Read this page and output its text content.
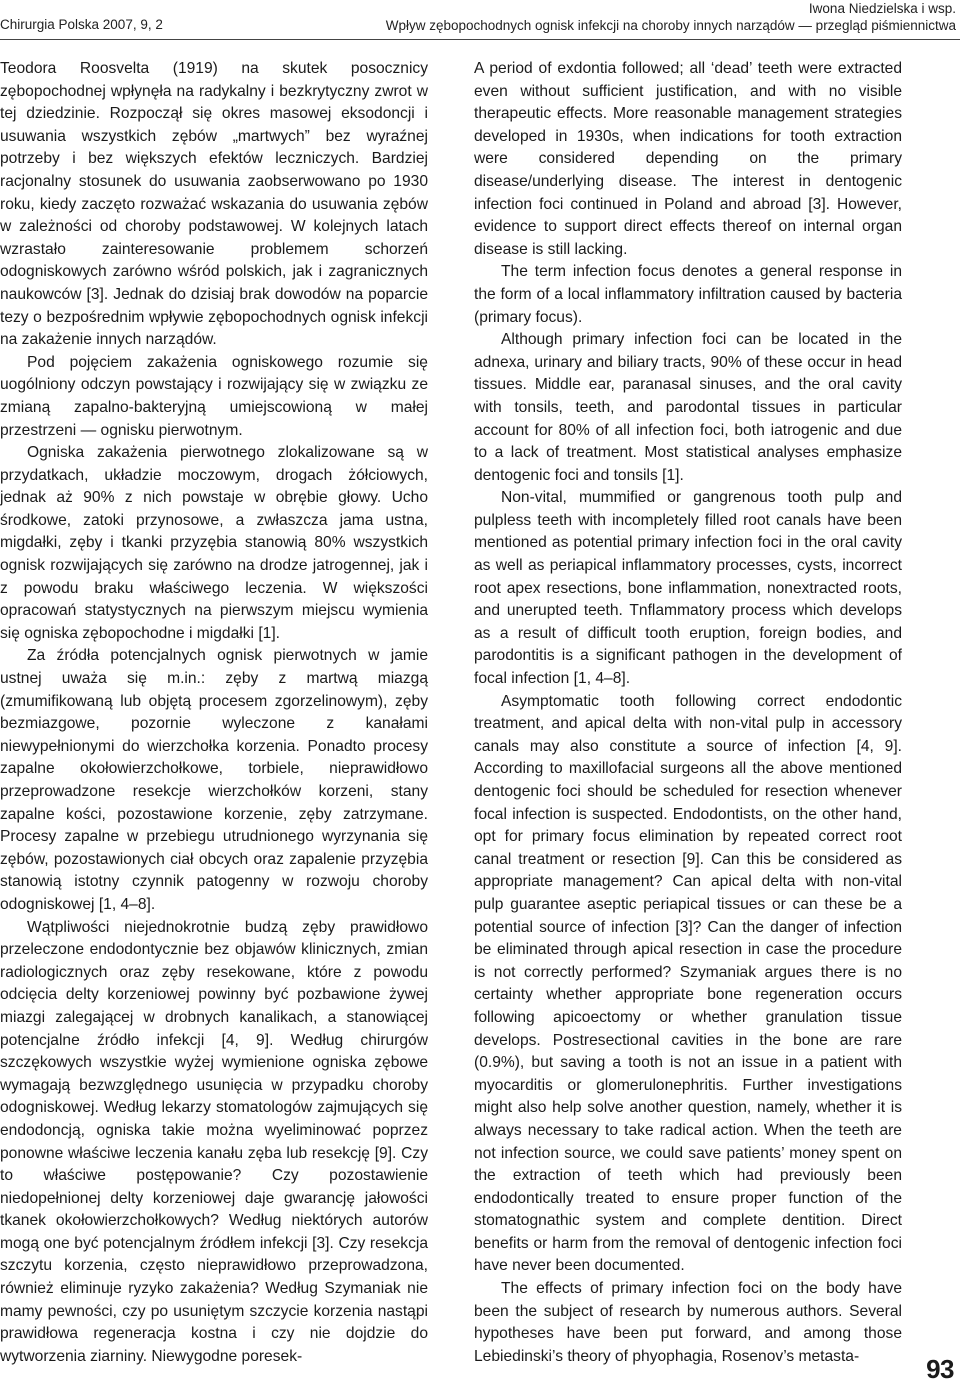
Chirurgia Polska 2007, 9, 2
Iwona Niedzielska i wsp.
Wpływ zębopochodnych ognisk infekcji na choroby innych narządów — przegląd piśmiennictwa

Teodora Roosvelta (1919) na skutek posocznicy zębopochodnej wpłynęła na radykalny i bezkrytyczny zwrot w tej dziedzinie. Rozpoczął się okres masowej eksodoncji i usuwania wszystkich zębów „martwych” bez wyraźnej potrzeby i bez większych efektów leczniczych. Bardziej racjonalny stosunek do usuwania zaobserwowano po 1930 roku, kiedy zaczęto rozważać wskazania do usuwania zębów w zależności od choroby podstawowej. W kolejnych latach wzrastało zainteresowanie problemem schorzeń odogniskowych zarówno wśród polskich, jak i zagranicznych naukowców [3]. Jednak do dzisiaj brak dowodów na poparcie tezy o bezpośrednim wpływie zębopochodnych ognisk infekcji na zakażenie innych narządów.

Pod pojęciem zakażenia ogniskowego rozumie się uogólniony odczyn powstający i rozwijający się w związku ze zmianą zapalno-bakteryjną umiejscowioną w małej przestrzeni — ognisku pierwotnym.

Ogniska zakażenia pierwotnego zlokalizowane są w przydatkach, układzie moczowym, drogach żółciowych, jednak aż 90% z nich powstaje w obrębie głowy. Ucho środkowe, zatoki przynosowe, a zwłaszcza jama ustna, migdałki, zęby i tkanki przyzębia stanowią 80% wszystkich ognisk rozwijających się zarówno na drodze jatrogennej, jak i z powodu braku właściwego leczenia. W większości opracowań statystycznych na pierwszym miejscu wymienia się ogniska zębopochodne i migdałki [1].

Za źródła potencjalnych ognisk pierwotnych w jamie ustnej uważa się m.in.: zęby z martwą miazgą (zmumifikowaną lub objętą procesem zgorzelinowym), zęby bezmiazgowe, pozornie wyleczone z kanałami niewypełnionymi do wierzchołka korzenia. Ponadto procesy zapalne okołowierzchołkowe, torbiele, nieprawidłowo przeprowadzone resekcje wierzchołków korzeni, stany zapalne kości, pozostawione korzenie, zęby zatrzymane. Procesy zapalne w przebiegu utrudnionego wyrzynania się zębów, pozostawionych ciał obcych oraz zapalenie przyzębia stanowią istotny czynnik patogenny w rozwoju choroby odogniskowej [1, 4–8].

Wątpliwości niejednokrotnie budzą zęby prawidłowo przeleczone endodontycznie bez objawów klinicznych, zmian radiologicznych oraz zęby resekowane, które z powodu odcięcia delty korzeniowej powinny być pozbawione żywej miazgi zalegającej w drobnych kanalikach, a stanowiącej potencjalne źródło infekcji [4, 9]. Według chirurgów szczękowych wszystkie wyżej wymienione ogniska zębowe wymagają bezwzględnego usunięcia w przypadku choroby odogniskowej. Według lekarzy stomatologów zajmujących się endodoncją, ogniska takie można wyeliminować poprzez ponowne właściwe leczenia kanału zęba lub resekcję [9]. Czy to właściwe postępowanie? Czy pozostawienie niedopełnionej delty korzeniowej daje gwarancję jałowości tkanek okołowierzchołkowych? Według niektórych autorów mogą one być potencjalnym źródłem infekcji [3]. Czy resekcja szczytu korzenia, często nieprawidłowo przeprowadzona, również eliminuje ryzyko zakażenia? Według Szymaniak nie mamy pewności, czy po usuniętym szczycie korzenia nastąpi prawidłowa regeneracja kostna i czy nie dojdzie do wytworzenia ziarniny. Niewygodne poresek-

A period of exdontia followed; all ‘dead’ teeth were extracted even without sufficient justification, and with no visible therapeutic effects. More reasonable management strategies developed in 1930s, when indications for tooth extraction were considered depending on the primary disease/underlying disease. The interest in dentogenic infection foci continued in Poland and abroad [3]. However, evidence to support direct effects thereof on internal organ disease is still lacking.

The term infection focus denotes a general response in the form of a local inflammatory infiltration caused by bacteria (primary focus).

Although primary infection foci can be located in the adnexa, urinary and biliary tracts, 90% of these occur in head tissues. Middle ear, paranasal sinuses, and the oral cavity with tonsils, teeth, and parodontal tissues in particular account for 80% of all infection foci, both iatrogenic and due to a lack of treatment. Most statistical analyses emphasize dentogenic foci and tonsils [1].

Non-vital, mummified or gangrenous tooth pulp and pulpless teeth with incompletely filled root canals have been mentioned as potential primary infection foci in the oral cavity as well as periapical inflammatory processes, cysts, incorrect root apex resections, bone inflammation, nonextracted roots, and unerupted teeth. Tnflammatory process which develops as a result of difficult tooth eruption, foreign bodies, and parodontitis is a significant pathogen in the development of focal infection [1, 4–8].

Asymptomatic tooth following correct endodontic treatment, and apical delta with non-vital pulp in accessory canals may also constitute a source of infection [4, 9]. According to maxillofacial surgeons all the above mentioned dentogenic foci should be scheduled for resection whenever focal infection is suspected. Endodontists, on the other hand, opt for primary focus elimination by repeated correct root canal treatment or resection [9]. Can this be considered as appropriate management? Can apical delta with non-vital pulp guarantee aseptic periapical tissues or can these be a potential source of infection [3]? Can the danger of infection be eliminated through apical resection in case the procedure is not correctly performed? Szymaniak argues there is no certainty whether appropriate bone regeneration occurs following apicoectomy or whether granulation tissue develops. Postresectional cavities in the bone are rare (0.9%), but saving a tooth is not an issue in a patient with myocarditis or glomerulonephritis. Further investigations might also help solve another question, namely, whether it is always necessary to take radical action. When the teeth are not infection source, we could save patients’ money spent on the extraction of teeth which had previously been endodontically treated to ensure proper function of the stomatognathic system and complete dentition. Direct benefits or harm from the removal of dentogenic infection foci have never been documented.

The effects of primary infection foci on the body have been the subject of research by numerous authors. Several hypotheses have been put forward, and among those Lebiedinski’s theory of phyophagia, Rosenov’s metasta-	93
